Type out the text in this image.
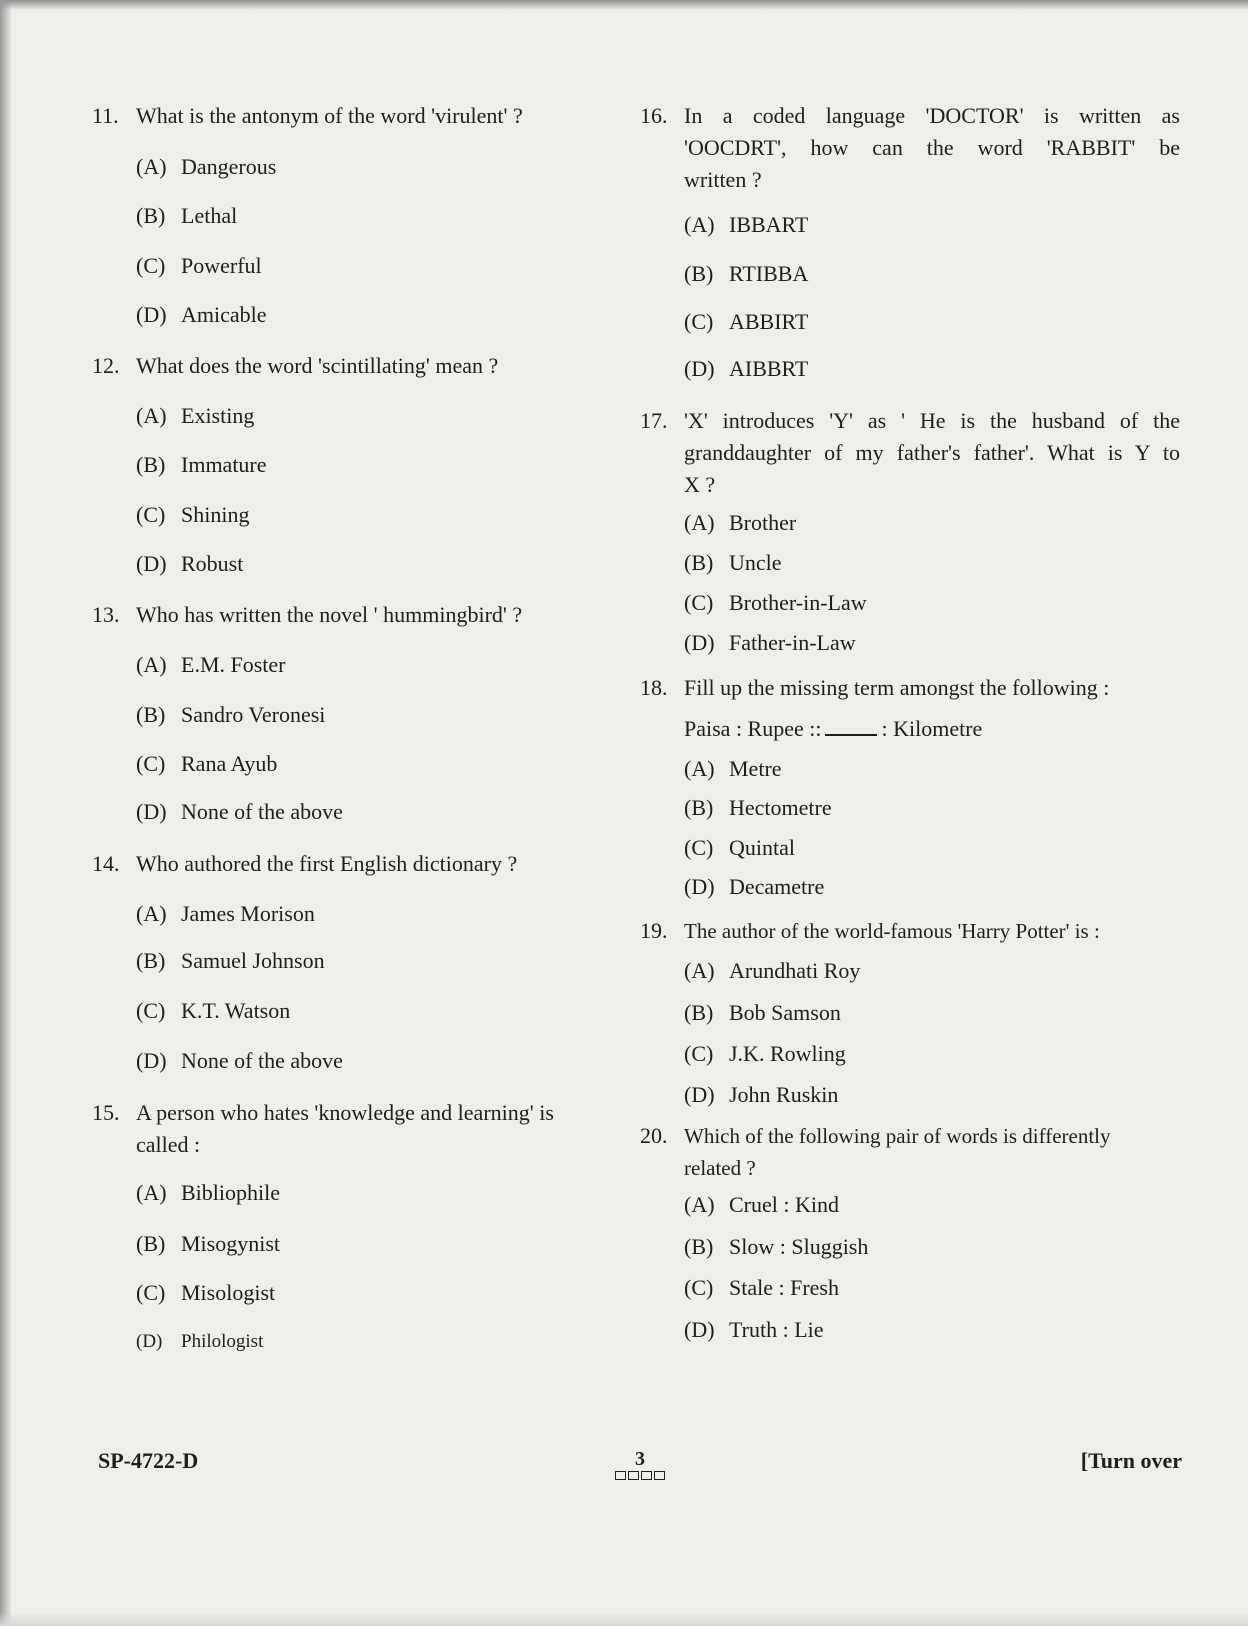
11. What is the antonym of the word 'virulent' ?
(A) Dangerous
(B) Lethal
(C) Powerful
(D) Amicable
12. What does the word 'scintillating' mean ?
(A) Existing
(B) Immature
(C) Shining
(D) Robust
13. Who has written the novel ' hummingbird' ?
(A) E.M. Foster
(B) Sandro Veronesi
(C) Rana Ayub
(D) None of the above
14. Who authored the first English dictionary ?
(A) James Morison
(B) Samuel Johnson
(C) K.T. Watson
(D) None of the above
15. A person who hates 'knowledge and learning' is
called :
(A) Bibliophile
(B) Misogynist
(C) Misologist
(D) Philologist
16. In a coded language 'DOCTOR' is written as
'OOCDRT', how can the word 'RABBIT' be
written ?
(A) IBBART
(B) RTIBBA
(C) ABBIRT
(D) AIBBRT
17. 'X' introduces 'Y' as ' He is the husband of the
granddaughter of my father's father'. What is Y to
X ?
(A) Brother
(B) Uncle
(C) Brother-in-Law
(D) Father-in-Law
18. Fill up the missing term amongst the following :
Paisa : Rupee ::	: Kilometre
(A) Metre
(B) Hectometre
(C) Quintal
(D) Decametre
19. The author of the world-famous 'Harry Potter' is :
(A) Arundhati Roy
(B) Bob Samson
(C) J.K. Rowling
(D) John Ruskin
20. Which of the following pair of words is differently
related ?
(A) Cruel : Kind
(B) Slow : Sluggish
(C) Stale : Fresh
(D) Truth : Lie
SP-4722-D	3	[Turn over
